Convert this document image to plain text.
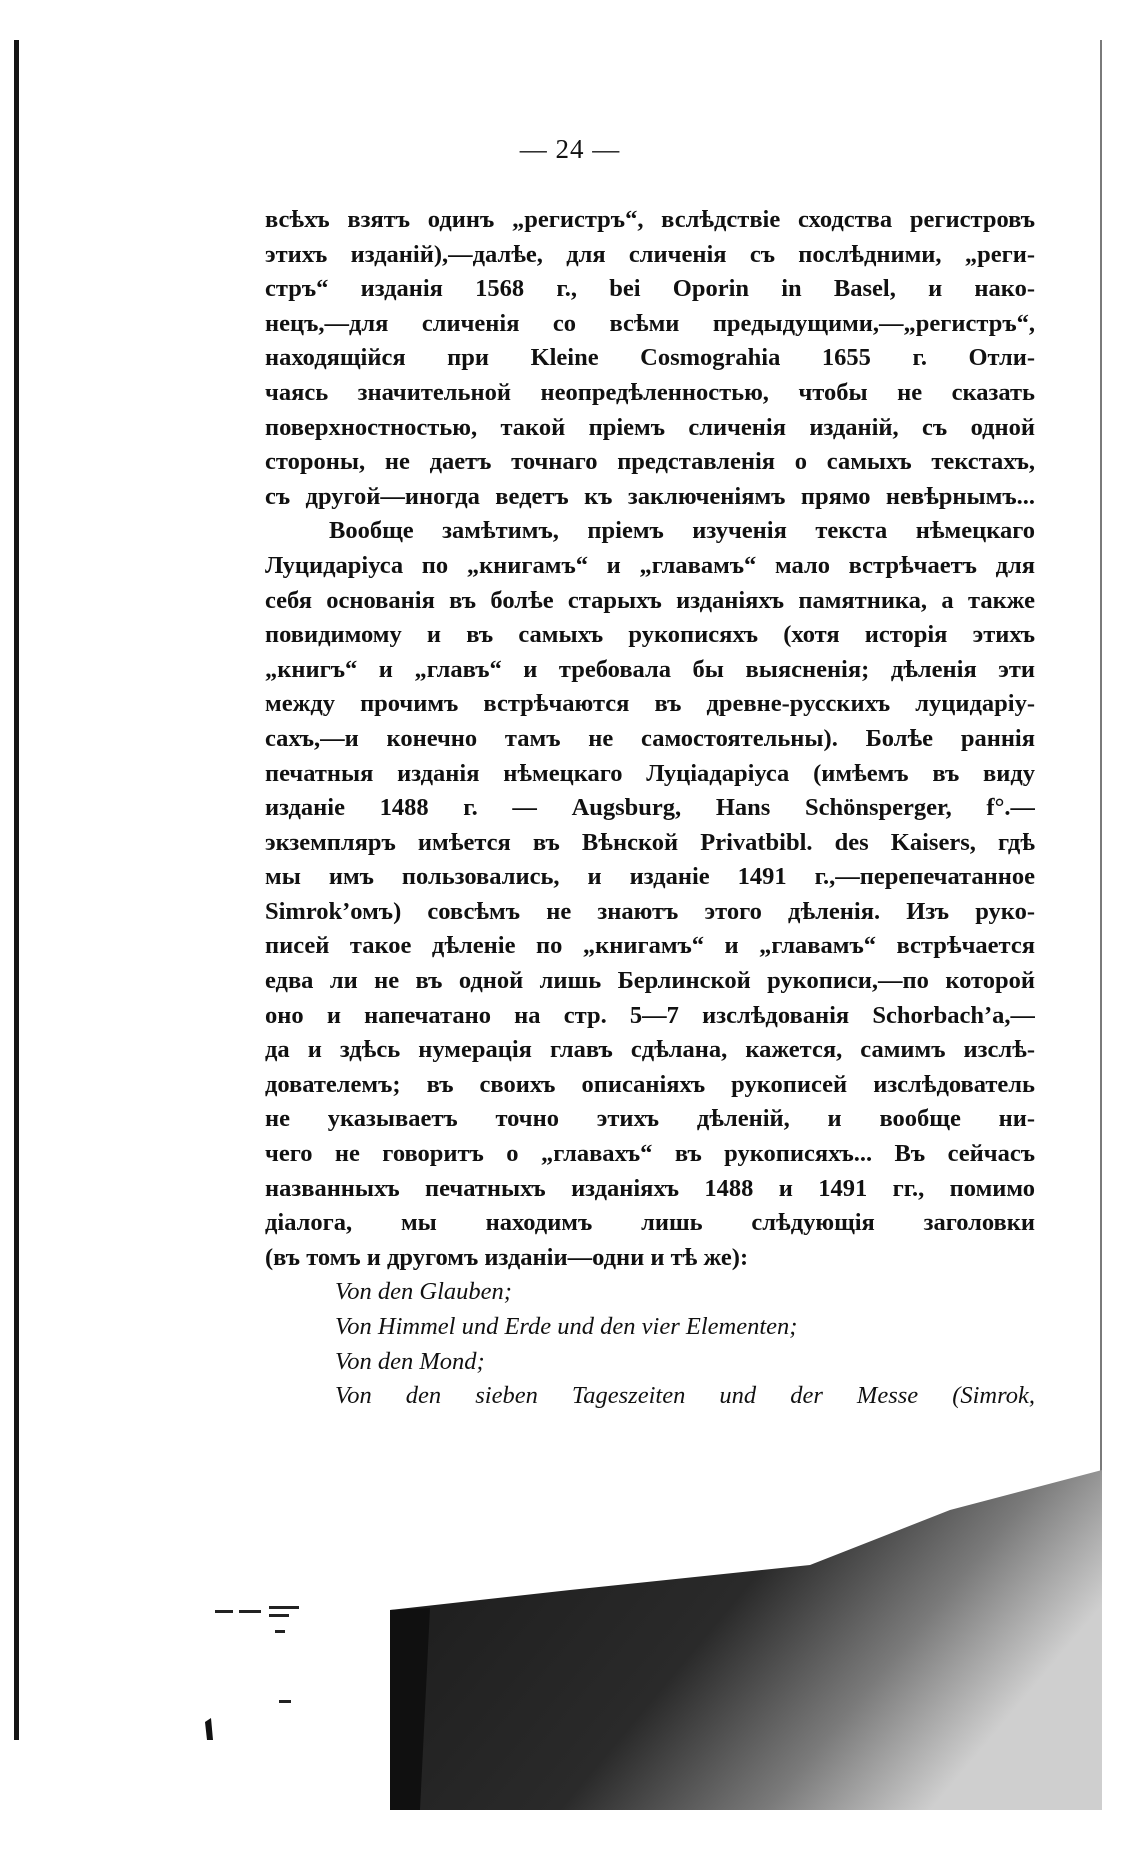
— 24 —
всѣхъ взятъ одинъ „регистръ“, вслѣдствіе сходства регистровъ
этихъ изданій),—далѣе, для сличенія съ послѣдними, „реги-
стръ“ изданія 1568 г., bei Oporin in Basel, и нако-
нецъ,—для сличенія со всѣми предыдущими,—„регистръ“,
находящійся при Kleine Cosmograhia 1655 г. Отли-
чаясь значительной неопредѣленностью, чтобы не сказать
поверхностностью, такой пріемъ сличенія изданій, съ одной
стороны, не даетъ точнаго представленія о самыхъ текстахъ,
съ другой—иногда ведетъ къ заключеніямъ прямо невѣрнымъ...
Вообще замѣтимъ, пріемъ изученія текста нѣмецкаго
Луцидаріуса по „книгамъ“ и „главамъ“ мало встрѣчаетъ для
себя основанія въ болѣе старыхъ изданіяхъ памятника, а также
повидимому и въ самыхъ рукописяхъ (хотя исторія этихъ
„книгъ“ и „главъ“ и требовала бы выясненія; дѣленія эти
между прочимъ встрѣчаются въ древне-русскихъ луцидаріу-
сахъ,—и конечно тамъ не самостоятельны). Болѣе раннія
печатныя изданія нѣмецкаго Луціадаріуса (имѣемъ въ виду
изданіе 1488 г. — Augsburg, Hans Schönsperger, f°.—
экземпляръ имѣется въ Вѣнской Privatbibl. des Kaisers, гдѣ
мы имъ пользовались, и изданіе 1491 г.,—перепечатанное
Simrok’омъ) совсѣмъ не знаютъ этого дѣленія. Изъ руко-
писей такое дѣленіе по „книгамъ“ и „главамъ“ встрѣчается
едва ли не въ одной лишь Берлинской рукописи,—по которой
оно и напечатано на стр. 5—7 изслѣдованія Schorbach’a,—
да и здѣсь нумерація главъ сдѣлана, кажется, самимъ изслѣ-
дователемъ; въ своихъ описаніяхъ рукописей изслѣдователь
не указываетъ точно этихъ дѣленій, и вообще ни-
чего не говоритъ о „главахъ“ въ рукописяхъ... Въ сейчасъ
названныхъ печатныхъ изданіяхъ 1488 и 1491 гг., помимо
діалога, мы находимъ лишь слѣдующія заголовки
(въ томъ и другомъ изданіи—одни и тѣ же):
Von den Glauben;
Von Himmel und Erde und den vier Elementen;
Von den Mond;
Von den sieben Tageszeiten und der Messe (Simrok,
